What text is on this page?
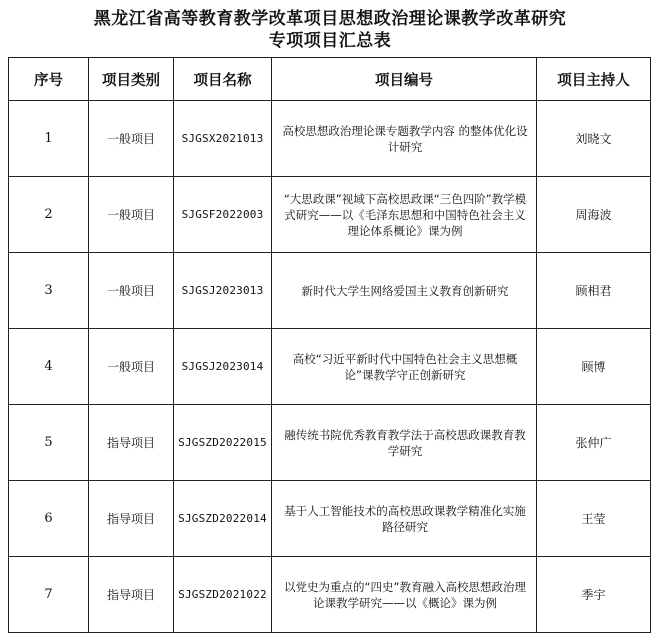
黑龙江省高等教育教学改革项目思想政治理论课教学改革研究
专项项目汇总表
序号	项目类别	项目名称	项目编号	项目主持人
1	一般项目	SJGSX2021013	高校思想政治理论课专题教学内容 的整体优化设计研究	刘晓文
2	一般项目	SJGSF2022003	“大思政课”视域下高校思政课“三色四阶”教学模式研究——以《毛泽东思想和中国特色社会主义理论体系概论》课为例	周海波
3	一般项目	SJGSJ2023013	新时代大学生网络爱国主义教育创新研究	顾相君
4	一般项目	SJGSJ2023014	高校“习近平新时代中国特色社会主义思想概论”课教学守正创新研究	顾博
5	指导项目	SJGSZD2022015	融传统书院优秀教育教学法于高校思政课教育教学研究	张仲广
6	指导项目	SJGSZD2022014	基于人工智能技术的高校思政课教学精准化实施路径研究	王莹
7	指导项目	SJGSZD2021022	以党史为重点的“四史”教育融入高校思想政治理论课教学研究——以《概论》课为例	季宇
